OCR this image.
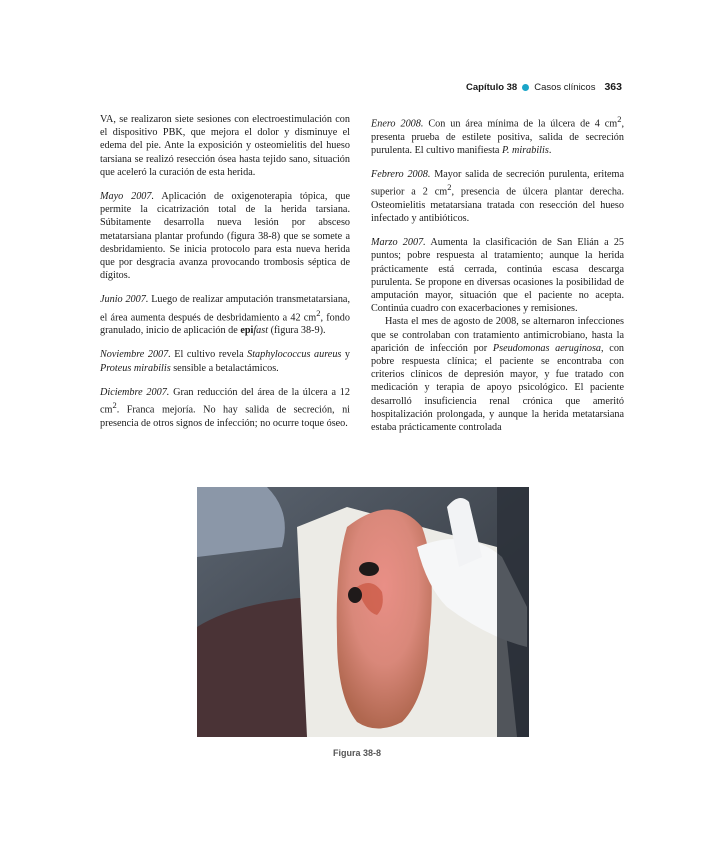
Capítulo 38 Casos clínicos 363

VA, se realizaron siete sesiones con electroestimulación con el dispositivo PBK, que mejora el dolor y disminuye el edema del pie. Ante la exposición y osteomielitis del hueso tarsiana se realizó resección ósea hasta tejido sano, situación que aceleró la curación de esta herida.

Mayo 2007. Aplicación de oxigenoterapia tópica, que permite la cicatrización total de la herida tarsiana. Súbitamente desarrolla nueva lesión por absceso metatarsiana plantar profundo (figura 38-8) que se somete a desbridamiento. Se inicia protocolo para esta nueva herida que por desgracia avanza provocando trombosis séptica de dígitos.

Junio 2007. Luego de realizar amputación transmetatarsiana, el área aumenta después de desbridamiento a 42 $cm^2$, fondo granulado, inicio de aplicación de epifast (figura 38-9).

Noviembre 2007. El cultivo revela Staphylococcus aureus y Proteus mirabilis sensible a betalactámicos.

Diciembre 2007. Gran reducción del área de la úlcera a 12 $cm^2$. Franca mejoría. No hay salida de secreción, ni presencia de otros signos de infección; no ocurre toque óseo.

Enero 2008. Con un área mínima de la úlcera de 4 $cm^2$, presenta prueba de estilete positiva, salida de secreción purulenta. El cultivo manifiesta P. mirabilis.

Febrero 2008. Mayor salida de secreción purulenta, eritema superior a 2 $cm^2$, presencia de úlcera plantar derecha. Osteomielitis metatarsiana tratada con resección del hueso infectado y antibióticos.

Marzo 2007. Aumenta la clasificación de San Elián a 25 puntos; pobre respuesta al tratamiento; aunque la herida prácticamente está cerrada, continúa escasa descarga purulenta. Se propone en diversas ocasiones la posibilidad de amputación mayor, situación que el paciente no acepta. Continúa cuadro con exacerbaciones y remisiones.

Hasta el mes de agosto de 2008, se alternaron infecciones que se controlaban con tratamiento antimicrobiano, hasta la aparición de infección por Pseudomonas aeruginosa, con pobre respuesta clínica; el paciente se encontraba con criterios clínicos de depresión mayor, y fue tratado con medicación y terapia de apoyo psicológico. El paciente desarrolló insuficiencia renal crónica que ameritó hospitalización prolongada, y aunque la herida metatarsiana estaba prácticamente controlada

Figura 38-8
